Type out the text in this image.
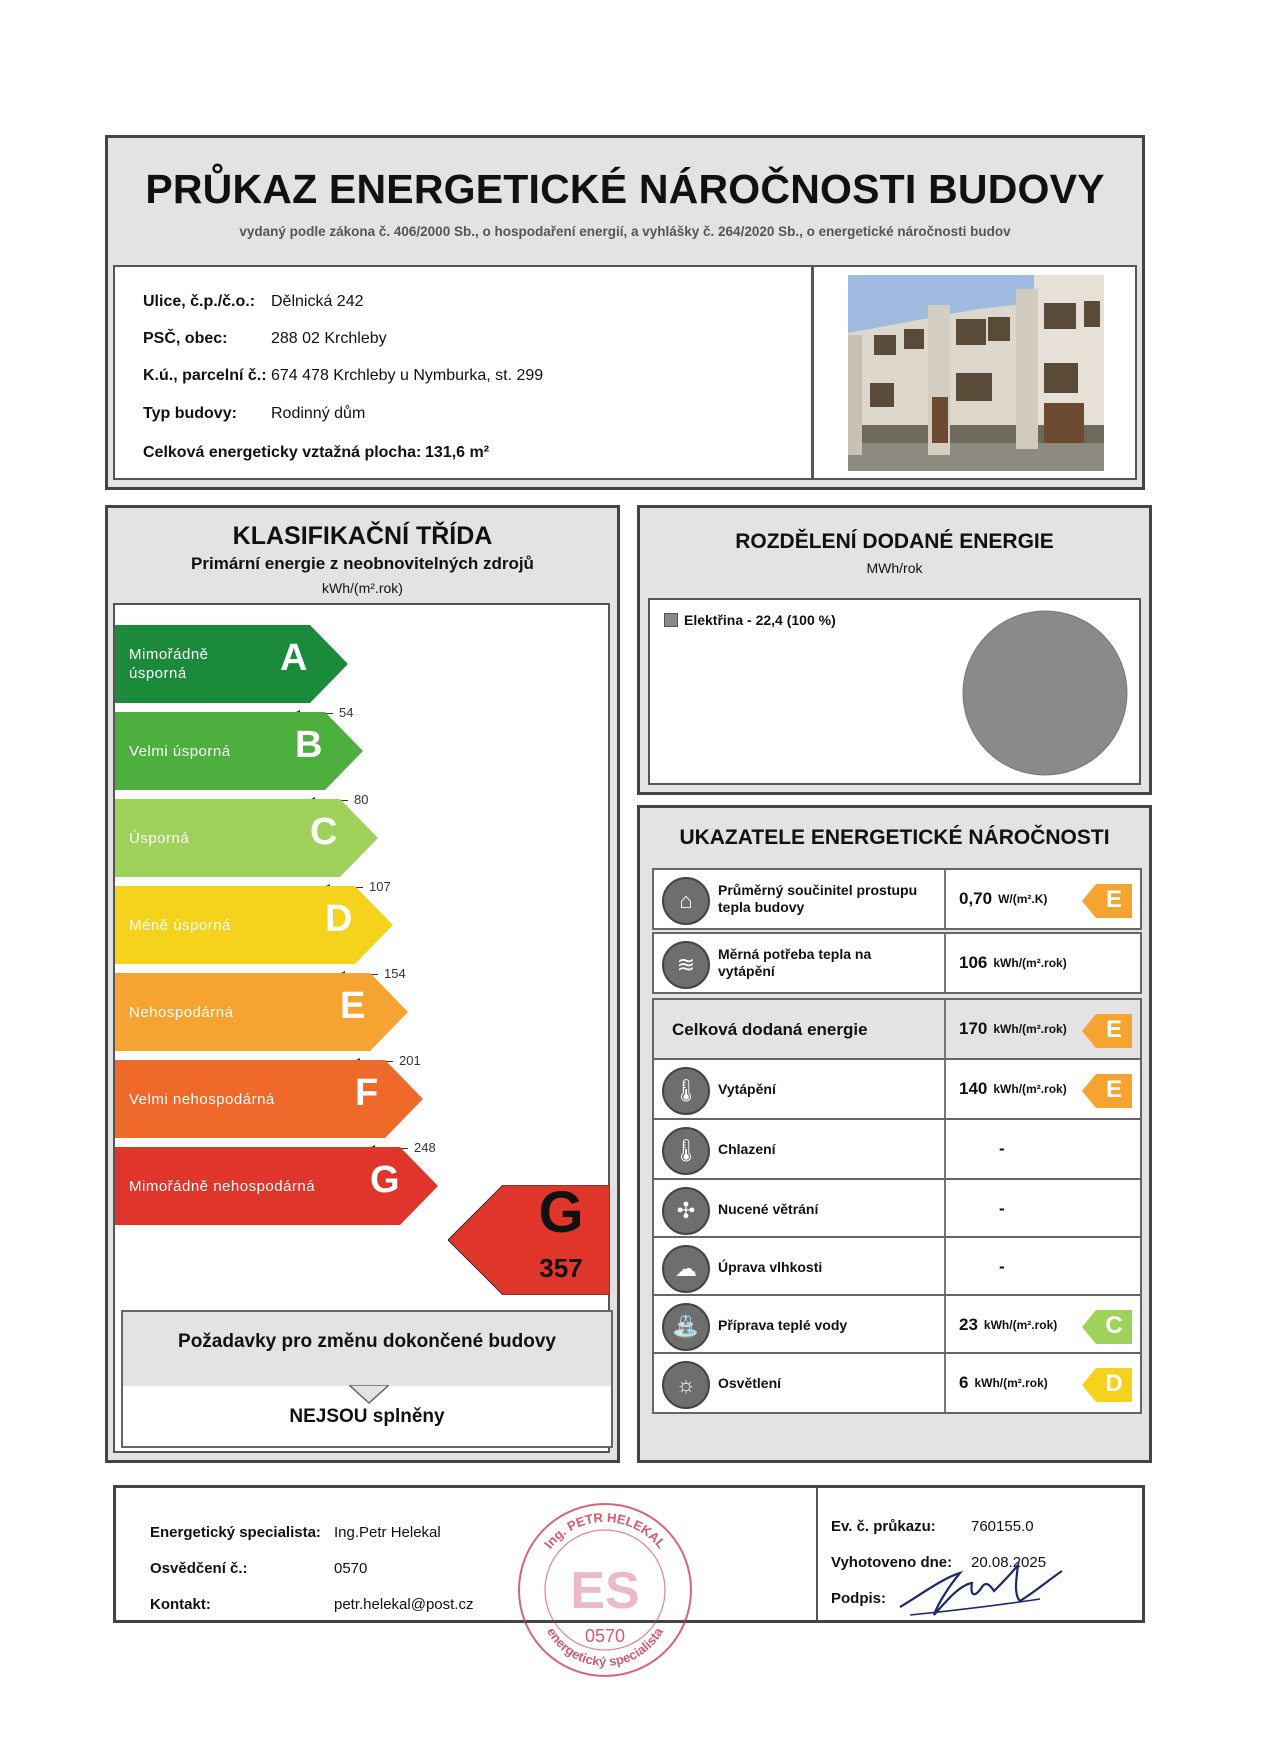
PRŮKAZ ENERGETICKÉ NÁROČNOSTI BUDOVY
vydaný podle zákona č. 406/2000 Sb., o hospodaření energií, a vyhlášky č. 264/2020 Sb., o energetické náročnosti budov
Ulice, č.p./č.o.: Dělnická 242
PSČ, obec:	288 02 Krchleby
K.ú., parcelní č.: 674 478 Krchleby u Nymburka, st. 299
Typ budovy: Rodinný dům
Celková energeticky vztažná plocha: 131,6 m²
KLASIFIKAČNÍ TŘÍDA
Primární energie z neobnovitelných zdrojů
kWh/(m².rok)
Mimořádně úsporná	A
54
Velmi úsporná	B
80
Úsporná	C
107
Méně úsporná	D
154
Nehospodárná	E
201
Velmi nehospodárná	F
248
Mimořádně nehospodárná	G	G
357
Požadavky pro změnu dokončené budovy
NEJSOU splněny
ROZDĚLENÍ DODANÉ ENERGIE
MWh/rok
Elektřina - 22,4 (100 %)
UKAZATELE ENERGETICKÉ NÁROČNOSTI
⌂	Průměrný součinitel prostupu tepla budovy	0,70 W/(m².K)	E
≋	Měrná potřeba tepla na vytápění	106 kWh/(m².rok)
Celková dodaná energie	170 kWh/(m².rok)	E
🌡	Vytápění	140 kWh/(m².rok)	E
🌡	Chlazení	-
✣	Nucené větrání	-
☁	Úprava vlhkosti	-
⛲	Příprava teplé vody	23 kWh/(m².rok)	C
☼	Osvětlení	6 kWh/(m².rok)	D
Energetický specialista: Ing.Petr Helekal
Osvědčení č.:	0570
Kontakt:	petr.helekal@post.cz
Ev. č. průkazu: 760155.0
Vyhotoveno dne: 20.08.2025
Podpis:
Ing. PETR HELEKAL
energetický specialista
ES
0570
